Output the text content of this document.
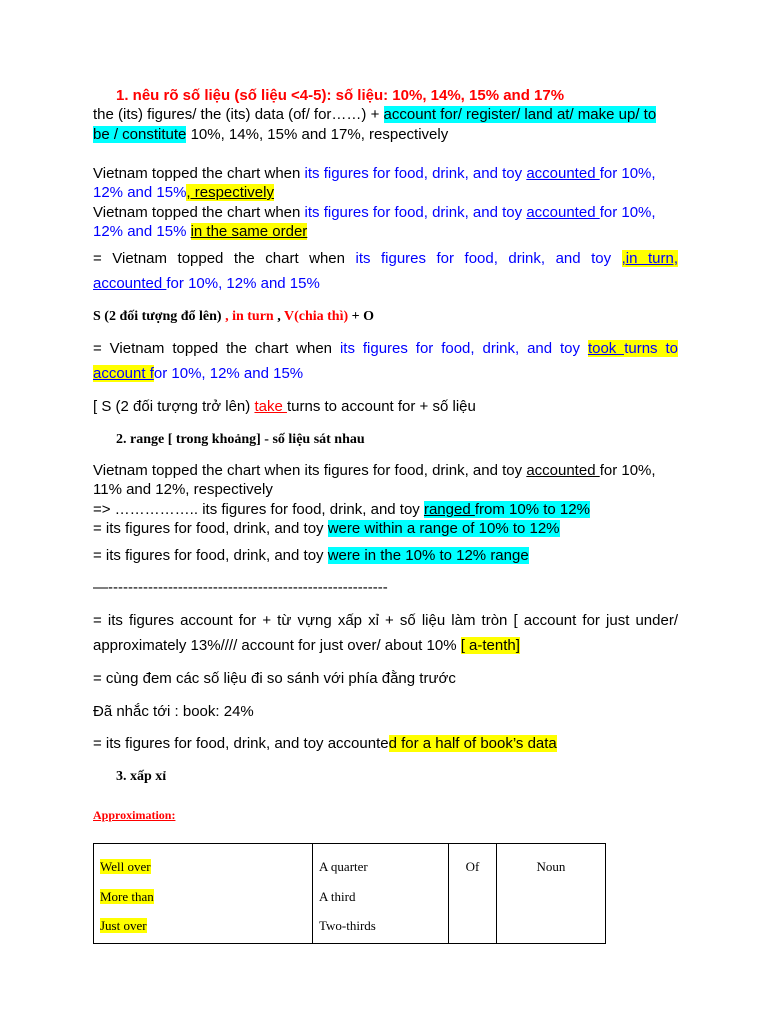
1. nêu rõ số liệu (số liệu <4-5): số liệu: 10%, 14%, 15% and 17%
the (its) figures/ the (its) data (of/ for……) + account for/ register/ land at/ make up/ to
be / constitute 10%, 14%, 15% and 17%, respectively
Vietnam topped the chart when its figures for food, drink, and toy accounted for 10%,
12% and 15%, respectively
Vietnam topped the chart when its figures for food, drink, and toy accounted for 10%,
12% and 15% in the same order
= Vietnam topped the chart when its figures for food, drink, and toy ,in turn,
accounted for 10%, 12% and 15%
S (2 đối tượng đổ lên) , in turn , V(chia thì) + O
= Vietnam topped the chart when its figures for food, drink, and toy took turns to
account for 10%, 12% and 15%
[ S (2 đối tượng trở lên) take turns to account for + số liệu
2. range [ trong khoảng] - số liệu sát nhau
Vietnam topped the chart when its figures for food, drink, and toy accounted for 10%,
11% and 12%, respectively
=> …………….. its figures for food, drink, and toy ranged from 10% to 12%
= its figures for food, drink, and toy were within a range of 10% to 12%
= its figures for food, drink, and toy were in the 10% to 12% range
—--------------------------------------------------------
= its figures account for + từ vựng xấp xỉ + số liệu làm tròn [ account for just under/
approximately 13%//// account for just over/ about 10% [ a-tenth]
= cùng đem các số liệu đi so sánh với phía đằng trước
Đã nhắc tới : book: 24%
= its figures for food, drink, and toy accounted for a half of book’s data
3. xấp xỉ
Approximation:
Well over
More than
Just over

A quarter
A third
Two-thirds

Of	Noun
